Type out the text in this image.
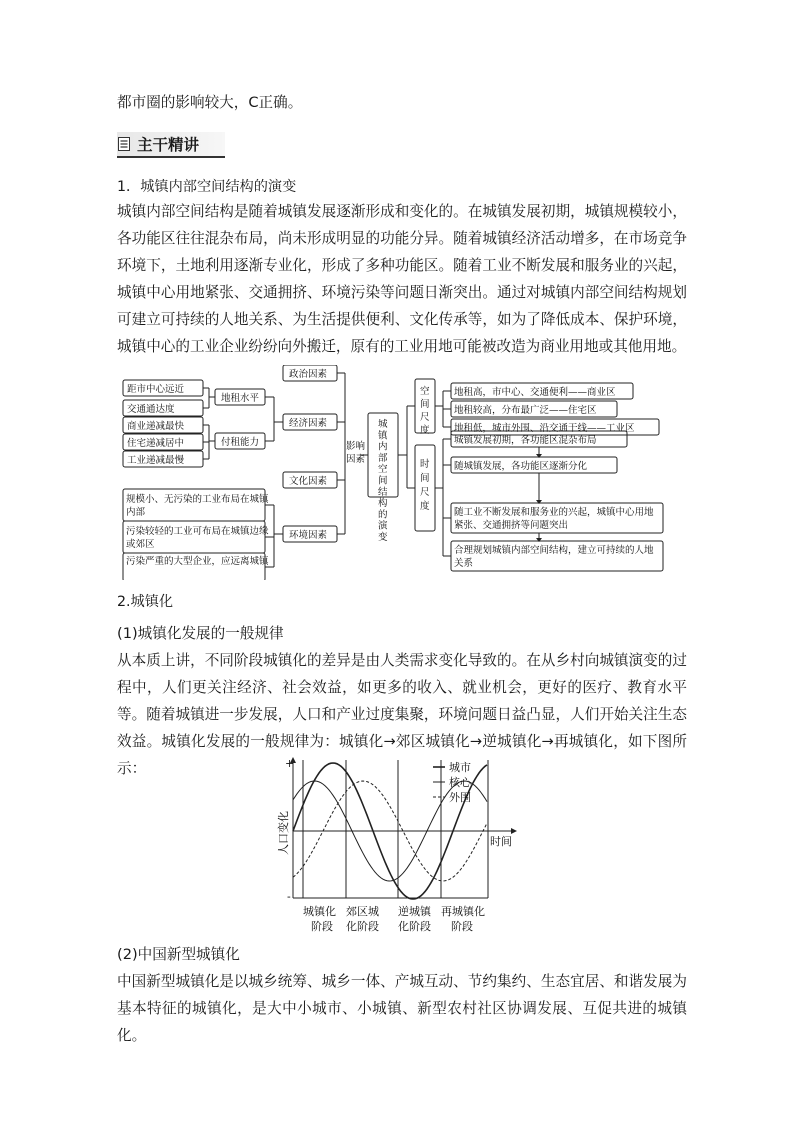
都市圈的影响较大，C正确。

主干精讲

1．城镇内部空间结构的演变

城镇内部空间结构是随着城镇发展逐渐形成和变化的。在城镇发展初期，城镇规模较小，各功能区往往混杂布局，尚未形成明显的功能分异。随着城镇经济活动增多，在市场竞争环境下，土地利用逐渐专业化，形成了多种功能区。随着工业不断发展和服务业的兴起，城镇中心用地紧张、交通拥挤、环境污染等问题日渐突出。通过对城镇内部空间结构规划可建立可持续的人地关系、为生活提供便利、文化传承等，如为了降低成本、保护环境，城镇中心的工业企业纷纷向外搬迁，原有的工业用地可能被改造为商业用地或其他用地。

距市中心远近
交通通达度
商业递减最快
住宅递减居中
工业递减最慢
地租水平
付租能力
政治因素
经济因素
文化因素
环境因素
地租高，市中心、交通便利——商业区
地租较高，分布最广泛——住宅区
地租低，城市外围、沿交通干线——工业区
城镇发展初期，各功能区混杂布局
随城镇发展，各功能区逐渐分化
规模小、无污染的工业布局在城镇内部
污染较轻的工业可布局在城镇边缘或郊区
污染严重的大型企业，应远离城镇
随工业不断发展和服务业的兴起，城镇中心用地紧张、交通拥挤等问题突出
合理规划城镇内部空间结构，建立可持续的人地关系
影响因素
城镇内部空间结构的演变
空间尺度
时间尺度

2.城镇化

(1)城镇化发展的一般规律

从本质上讲，不同阶段城镇化的差异是由人类需求变化导致的。在从乡村向城镇演变的过程中，人们更关注经济、社会效益，如更多的收入、就业机会，更好的医疗、教育水平等。随着城镇进一步发展，人口和产业过度集聚，环境问题日益凸显，人们开始关注生态效益。城镇化发展的一般规律为：城镇化→郊区城镇化→逆城镇化→再城镇化，如下图所示：	+
-
时间
城市
核心
外围
城镇化
阶段
郊区城
化阶段
逆城镇
化阶段
再城镇化
阶段
人口变化

(2)中国新型城镇化

中国新型城镇化是以城乡统筹、城乡一体、产城互动、节约集约、生态宜居、和谐发展为基本特征的城镇化，是大中小城市、小城镇、新型农村社区协调发展、互促共进的城镇化。
